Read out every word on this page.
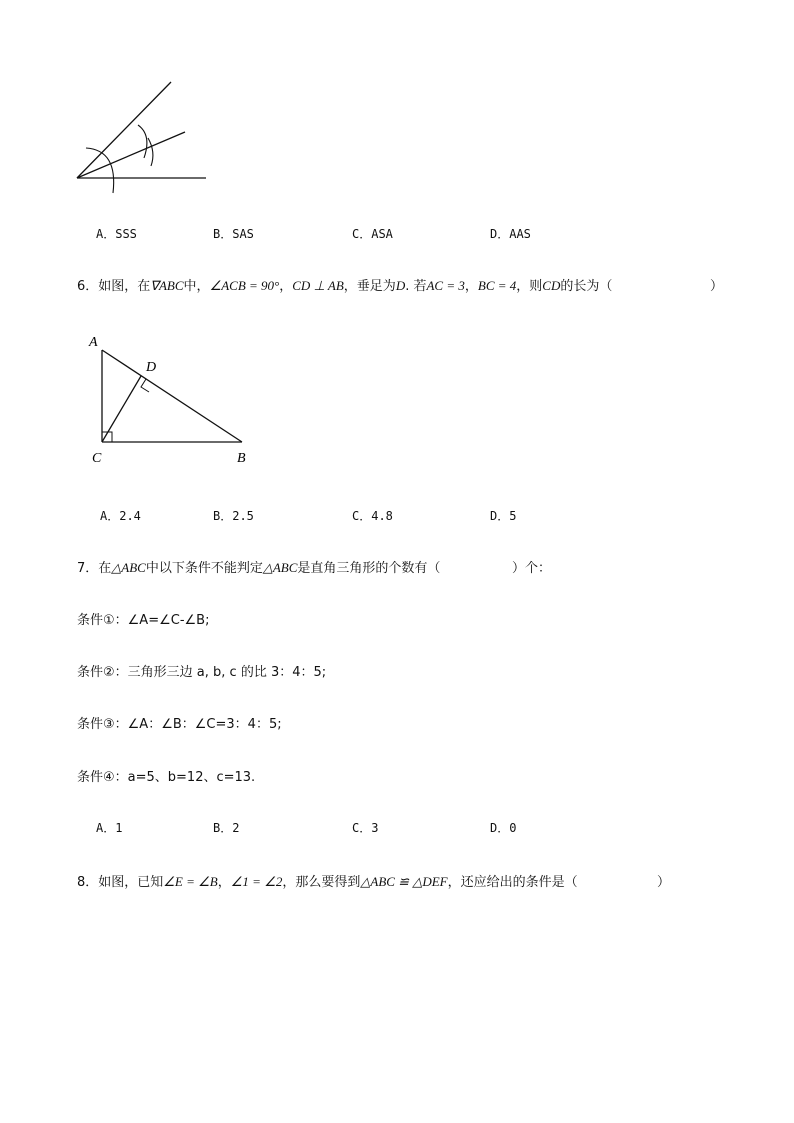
A．SSS	B．SAS	C．ASA	D．AAS
6．如图，在∇ABC中，∠ACB = 90°，CD ⊥ AB，垂足为D. 若AC = 3，BC = 4，则CD的长为（	）
A
D
C	B
A．2.4	B．2.5	C．4.8	D．5
7．在△ABC中以下条件不能判定△ABC是直角三角形的个数有（	）个：
条件①：∠A=∠C-∠B;
条件②：三角形三边 a, b, c 的比 3：4：5;
条件③：∠A：∠B：∠C=3：4：5;
条件④：a=5、b=12、c=13.
A．1	B．2	C．3	D．0
8．如图，已知∠E = ∠B，∠1 = ∠2，那么要得到△ABC ≌ △DEF，还应给出的条件是（	）
